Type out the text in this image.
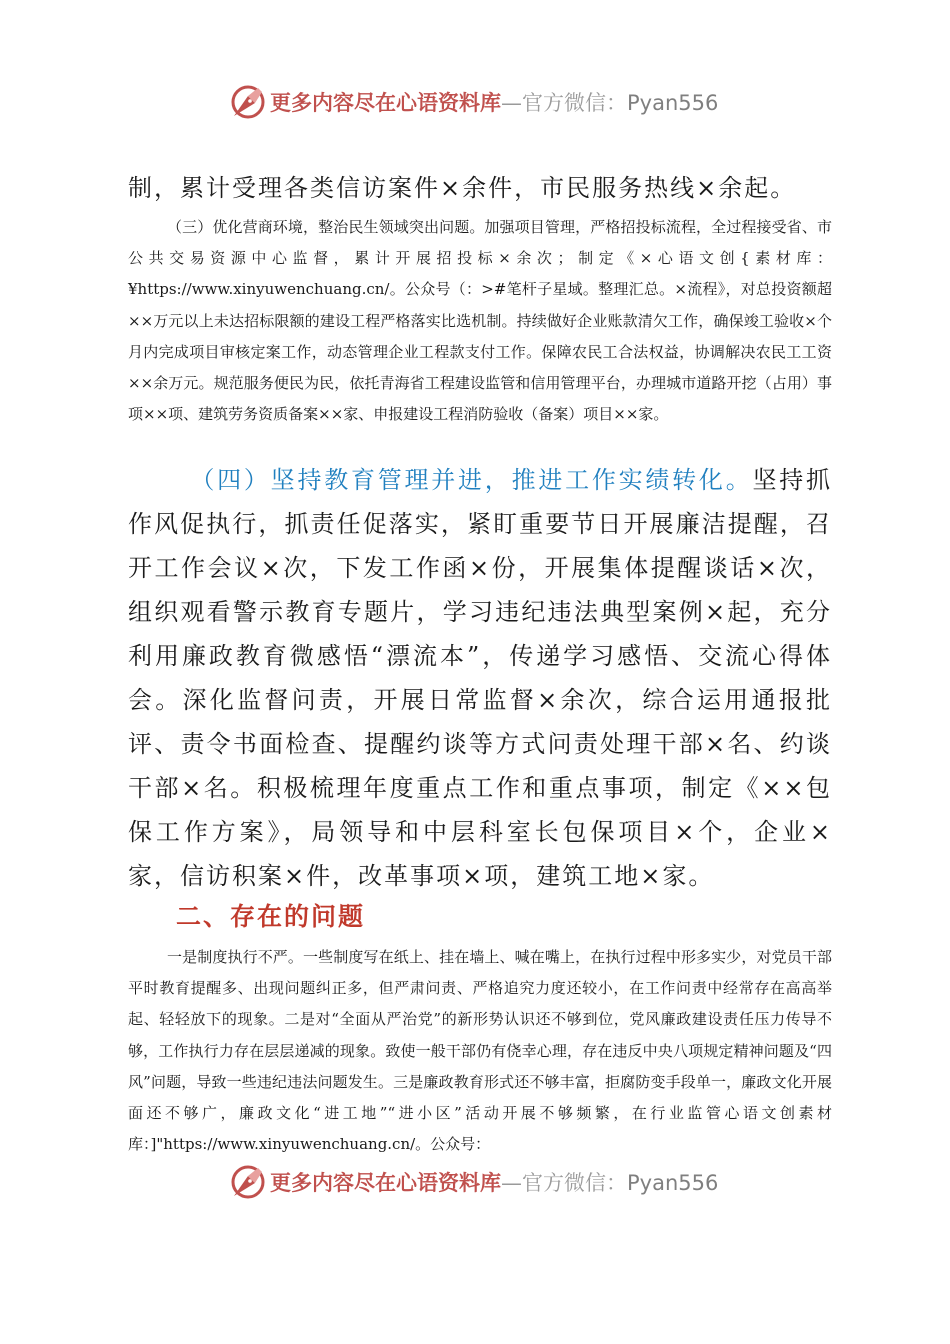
更多内容尽在心语资料库—官方微信：Pyan556

制，累计受理各类信访案件×余件，市民服务热线×余起。

（三）优化营商环境，整治民生领域突出问题。加强项目管理，严格招投标流程，全过程接受省、市公共交易资源中心监督，累计开展招投标×余次；制定《×心语文创{素材库：¥https://www.xinyuwenchuang.cn/。公众号（：>#笔杆子星域。整理汇总。×流程》，对总投资额超××万元以上未达招标限额的建设工程严格落实比选机制。持续做好企业账款清欠工作，确保竣工验收×个月内完成项目审核定案工作，动态管理企业工程款支付工作。保障农民工合法权益，协调解决农民工工资××余万元。规范服务便民为民，依托青海省工程建设监管和信用管理平台，办理城市道路开挖（占用）事项××项、建筑劳务资质备案××家、申报建设工程消防验收（备案）项目××家。

（四）坚持教育管理并进，推进工作实绩转化。坚持抓作风促执行，抓责任促落实，紧盯重要节日开展廉洁提醒，召开工作会议×次，下发工作函×份，开展集体提醒谈话×次，组织观看警示教育专题片，学习违纪违法典型案例×起，充分利用廉政教育微感悟“漂流本”，传递学习感悟、交流心得体会。深化监督问责，开展日常监督×余次，综合运用通报批评、责令书面检查、提醒约谈等方式问责处理干部×名、约谈干部×名。积极梳理年度重点工作和重点事项，制定《××包保工作方案》，局领导和中层科室长包保项目×个，企业×家，信访积案×件，改革事项×项，建筑工地×家。

二、存在的问题

一是制度执行不严。一些制度写在纸上、挂在墙上、喊在嘴上，在执行过程中形多实少，对党员干部平时教育提醒多、出现问题纠正多，但严肃问责、严格追究力度还较小，在工作问责中经常存在高高举起、轻轻放下的现象。二是对“全面从严治党”的新形势认识还不够到位，党风廉政建设责任压力传导不够，工作执行力存在层层递减的现象。致使一般干部仍有侥幸心理，存在违反中央八项规定精神问题及“四风”问题，导致一些违纪违法问题发生。三是廉政教育形式还不够丰富，拒腐防变手段单一，廉政文化开展面还不够广，廉政文化“进工地”“进小区”活动开展不够频繁，在行业监管心语文创素材库：]"https://www.xinyuwenchuang.cn/。公众号：

更多内容尽在心语资料库—官方微信：Pyan556
